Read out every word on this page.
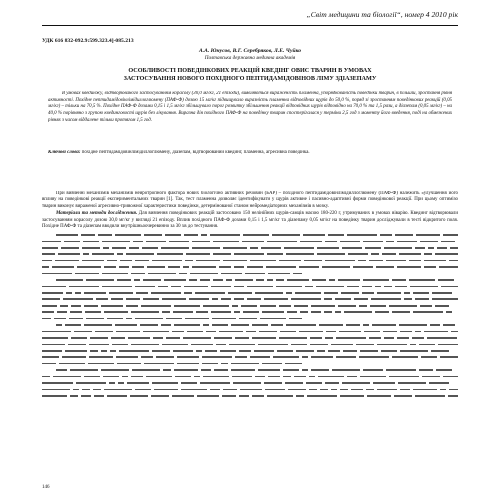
„Світ медицини та біології“, номер 4 2010 рік
УДК 616 832-092.9:599.323.4]-085.213
А.А. Юнусов, В.Г. Серебряков, Л.Е. Чуйко
Полтавська державна медична академія
ОСОБЛИВОСТІ ПОВЕДІНКОВИХ РЕАКЦІЙ КВЕДІНГ ОВИС ТВАРИН В УМОВАХ
ЗАСТОСУВАННЯ НОВОГО ПОХІДНОГО ПЕПТИДАМІДОВІНОВ ЛІМУ ЗДІАЗЕПАМУ

В умовах квединжу, відтворюваного застосуванням корасолу (30,0 мг/кг, 21 епізоди), виявляються вираженість пламенна, упорядкованість поведінки тварин, в більшій, зростання рівня активності. Похідне пептидамідовінлімідиллоглюмену (ПАФ-Ф) дозою 15 мг/кг підвищувало виразність пламенна відповідних щурів до 50,0 %, поряд зі зростанням поведінкових реакцій (0,05 мг/кг) – тільки на 70,5 %. Похідне ПАФ-Ф дозами 0,15 і 1,5 мг/кг збільшувало порог розвитку збільшення реакції відповідних щурів відповідно на 70,0 % та 1,5 рази, а діазепам (0,05 мг/кг) – на 40,0 % порівняно з групою квединговості щурів без лікування. Виразна дія похідного ПАФ-Ф на поведінку тварин спостерігалася у терміни 2,5 год з моменту його введення, поді на обмежених рівнях з часом віддалене тільки протягом 1,5 год.

Ключові слова: похідне пептидамідовінлімідиллоглюмену, діазепам, відтворюваний квединг, пламенна, агресивна поведінка.

При вивченні механізмів механізмів нейротропного фактора нових біологічно активних речовин (БАР) – похідного пептидамідовінлімідиллоглюмену (ПАФ-Ф) належить «улучшення його впливу на поведінкові реакції експериментальних тварин [1]. Так, тест пламенна дозволяє ідентифікувати у щурів активне і пасивно-адаптивні форми поведінкової реакції. При цьому оптимізо тварин виконує вираженої агресивно-тривожної характеристики поведінки, детермінованої станом нейромедіаторних механізмів в мозку.

Матеріали та методи дослідження. Для вивчення поведінкових реакцій застосовано 150 нелінійних щурів-самців масою 180-220 г, утримуваних в умовах віварію. Квединг відтворювали застосуванням корасолу дозою 30,0 мг/кг у вигляді 21 епізоду. Вплив похідного ПАФ-Ф дозами 0,15 і 1,5 мг/кг та діазепаму 0,05 мг/кг на поведінку тварин досліджували в тесті відкритого поля. Похідне ПАФ-Ф та діазепам вводили внутрішньоочеревинно за 30 хв до тестування.

146
